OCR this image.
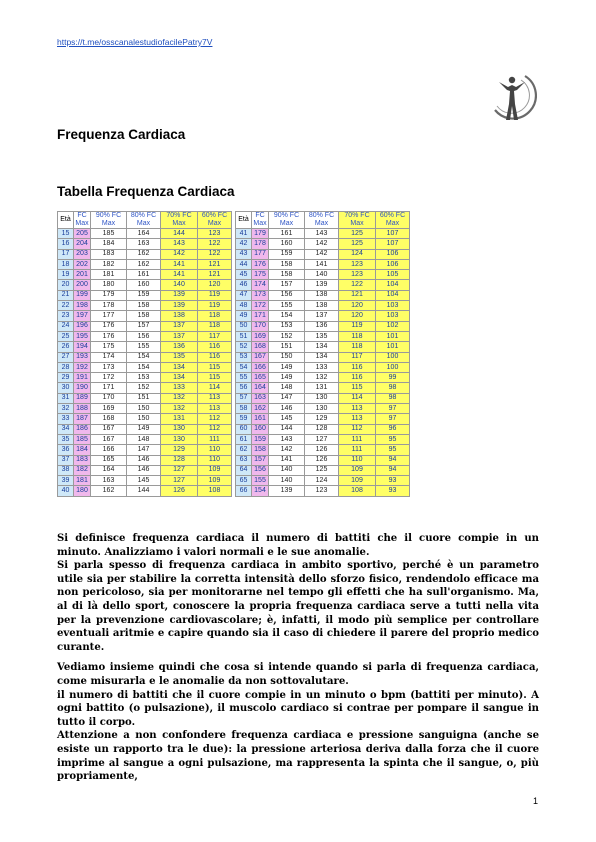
https://t.me/osscanalestudiofacilePatry7V
Frequenza Cardiaca
Tabella Frequenza Cardiaca
Età	FC Max	90% FC Max	80% FC Max	70% FC Max	60% FC Max
15	205	185	164	144	123
16	204	184	163	143	122
17	203	183	162	142	122
18	202	182	162	141	121
19	201	181	161	141	121
20	200	180	160	140	120
21	199	179	159	139	119
22	198	178	158	139	119
23	197	177	158	138	118
24	196	176	157	137	118
25	195	176	156	137	117
26	194	175	155	136	116
27	193	174	154	135	116
28	192	173	154	134	115
29	191	172	153	134	115
30	190	171	152	133	114
31	189	170	151	132	113
32	188	169	150	132	113
33	187	168	150	131	112
34	186	167	149	130	112
35	185	167	148	130	111
36	184	166	147	129	110
37	183	165	146	128	110
38	182	164	146	127	109
39	181	163	145	127	109
40	180	162	144	126	108
Età	FC Max	90% FC Max	80% FC Max	70% FC Max	60% FC Max
41	179	161	143	125	107
42	178	160	142	125	107
43	177	159	142	124	106
44	176	158	141	123	106
45	175	158	140	123	105
46	174	157	139	122	104
47	173	156	138	121	104
48	172	155	138	120	103
49	171	154	137	120	103
50	170	153	136	119	102
51	169	152	135	118	101
52	168	151	134	118	101
53	167	150	134	117	100
54	166	149	133	116	100
55	165	149	132	116	99
56	164	148	131	115	98
57	163	147	130	114	98
58	162	146	130	113	97
59	161	145	129	113	97
60	160	144	128	112	96
61	159	143	127	111	95
62	158	142	126	111	95
63	157	141	126	110	94
64	156	140	125	109	94
65	155	140	124	109	93
66	154	139	123	108	93

Si definisce frequenza cardiaca il numero di battiti che il cuore compie in un minuto. Analizziamo i valori normali e le sue anomalie.

Si parla spesso di frequenza cardiaca in ambito sportivo, perché è un parametro utile sia per stabilire la corretta intensità dello sforzo fisico, rendendolo efficace ma non pericoloso, sia per monitorarne nel tempo gli effetti che ha sull'organismo. Ma, al di là dello sport, conoscere la propria frequenza cardiaca serve a tutti nella vita per la prevenzione cardiovascolare; è, infatti, il modo più semplice per controllare eventuali aritmie e capire quando sia il caso di chiedere il parere del proprio medico curante.

Vediamo insieme quindi che cosa si intende quando si parla di frequenza cardiaca, come misurarla e le anomalie da non sottovalutare.

il numero di battiti che il cuore compie in un minuto o bpm (battiti per minuto). A ogni battito (o pulsazione), il muscolo cardiaco si contrae per pompare il sangue in tutto il corpo.

Attenzione a non confondere frequenza cardiaca e pressione sanguigna (anche se esiste un rapporto tra le due): la pressione arteriosa deriva dalla forza che il cuore imprime al sangue a ogni pulsazione, ma rappresenta la spinta che il sangue, o, più propriamente,

1
